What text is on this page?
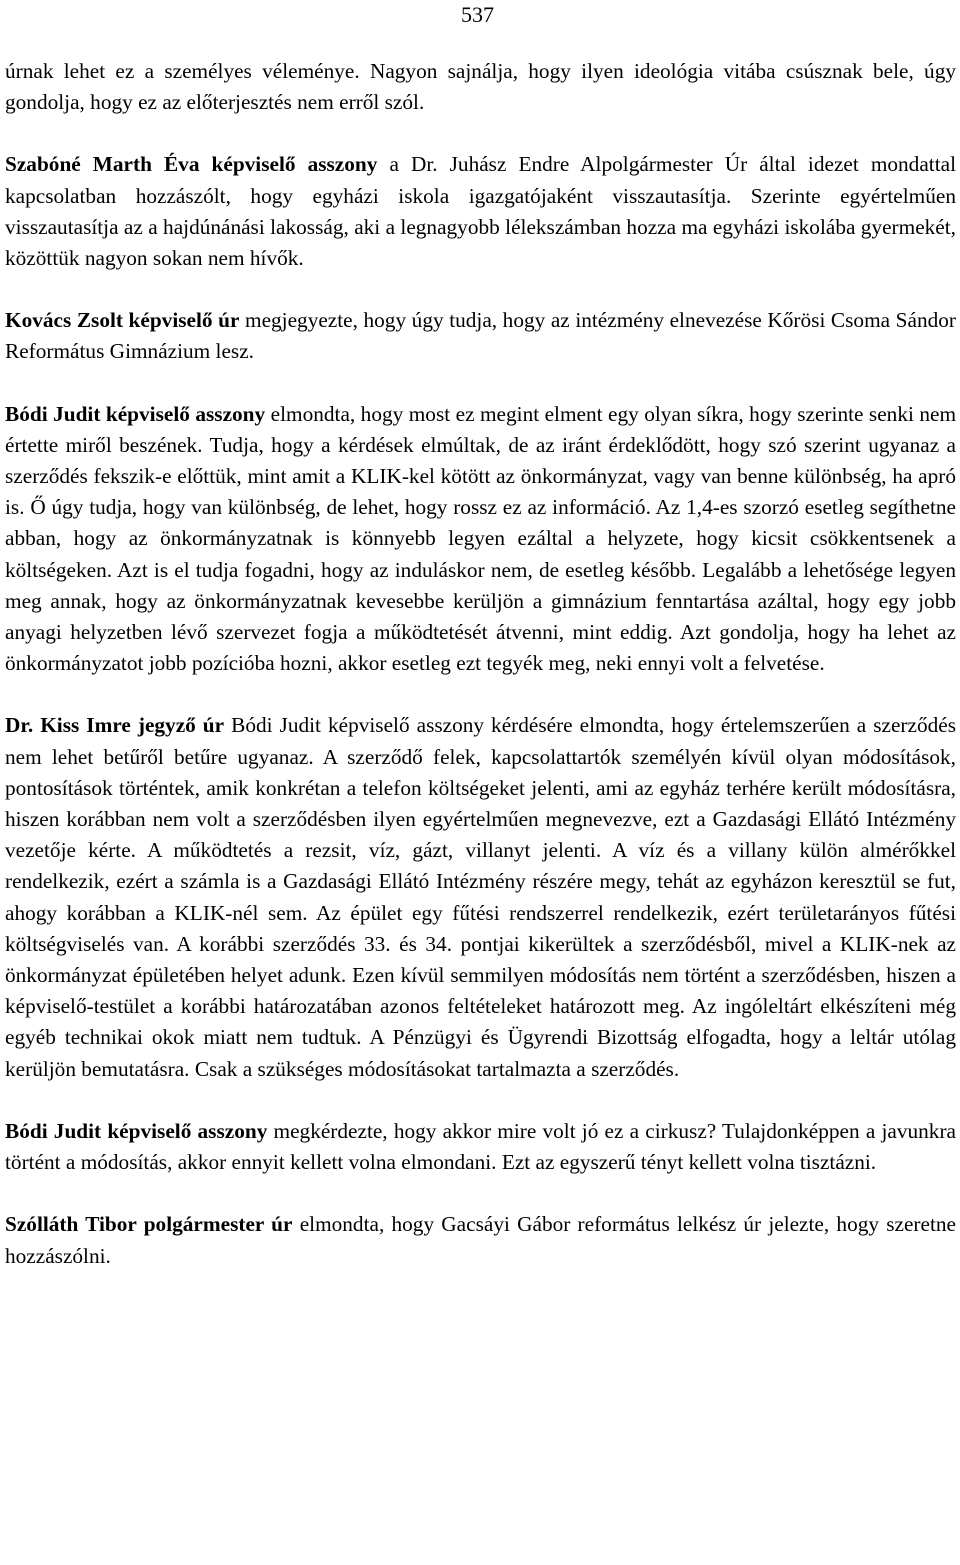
537

úrnak lehet ez a személyes véleménye. Nagyon sajnálja, hogy ilyen ideológia vitába csúsznak bele, úgy gondolja, hogy ez az előterjesztés nem erről szól.

Szabóné Marth Éva képviselő asszony a Dr. Juhász Endre Alpolgármester Úr által idezet mondattal kapcsolatban hozzászólt, hogy egyházi iskola igazgatójaként visszautasítja. Szerinte egyértelműen visszautasítja az a hajdúnánási lakosság, aki a legnagyobb lélekszámban hozza ma egyházi iskolába gyermekét, közöttük nagyon sokan nem hívők.

Kovács Zsolt képviselő úr megjegyezte, hogy úgy tudja, hogy az intézmény elnevezése Kőrösi Csoma Sándor Református Gimnázium lesz.

Bódi Judit képviselő asszony elmondta, hogy most ez megint elment egy olyan síkra, hogy szerinte senki nem értette miről beszének. Tudja, hogy a kérdések elmúltak, de az iránt érdeklődött, hogy szó szerint ugyanaz a szerződés fekszik-e előttük, mint amit a KLIK-kel kötött az önkormányzat, vagy van benne különbség, ha apró is. Ő úgy tudja, hogy van különbség, de lehet, hogy rossz ez az információ. Az 1,4-es szorzó esetleg segíthetne abban, hogy az önkormányzatnak is könnyebb legyen ezáltal a helyzete, hogy kicsit csökkentsenek a költségeken. Azt is el tudja fogadni, hogy az induláskor nem, de esetleg később. Legalább a lehetősége legyen meg annak, hogy az önkormányzatnak kevesebbe kerüljön a gimnázium fenntartása azáltal, hogy egy jobb anyagi helyzetben lévő szervezet fogja a működtetését átvenni, mint eddig. Azt gondolja, hogy ha lehet az önkormányzatot jobb pozícióba hozni, akkor esetleg ezt tegyék meg, neki ennyi volt a felvetése.

Dr. Kiss Imre jegyző úr Bódi Judit képviselő asszony kérdésére elmondta, hogy értelemszerűen a szerződés nem lehet betűről betűre ugyanaz. A szerződő felek, kapcsolattartók személyén kívül olyan módosítások, pontosítások történtek, amik konkrétan a telefon költségeket jelenti, ami az egyház terhére került módosításra, hiszen korábban nem volt a szerződésben ilyen egyértelműen megnevezve, ezt a Gazdasági Ellátó Intézmény vezetője kérte. A működtetés a rezsit, víz, gázt, villanyt jelenti. A víz és a villany külön almérőkkel rendelkezik, ezért a számla is a Gazdasági Ellátó Intézmény részére megy, tehát az egyházon keresztül se fut, ahogy korábban a KLIK-nél sem. Az épület egy fűtési rendszerrel rendelkezik, ezért területarányos fűtési költségviselés van. A korábbi szerződés 33. és 34. pontjai kikerültek a szerződésből, mivel a KLIK-nek az önkormányzat épületében helyet adunk. Ezen kívül semmilyen módosítás nem történt a szerződésben, hiszen a képviselő-testület a korábbi határozatában azonos feltételeket határozott meg. Az ingóleltárt elkészíteni még egyéb technikai okok miatt nem tudtuk. A Pénzügyi és Ügyrendi Bizottság elfogadta, hogy a leltár utólag kerüljön bemutatásra. Csak a szükséges módosításokat tartalmazta a szerződés.

Bódi Judit képviselő asszony megkérdezte, hogy akkor mire volt jó ez a cirkusz? Tulajdonképpen a javunkra történt a módosítás, akkor ennyit kellett volna elmondani. Ezt az egyszerű tényt kellett volna tisztázni.

Szólláth Tibor polgármester úr elmondta, hogy Gacsáyi Gábor református lelkész úr jelezte, hogy szeretne hozzászólni.
